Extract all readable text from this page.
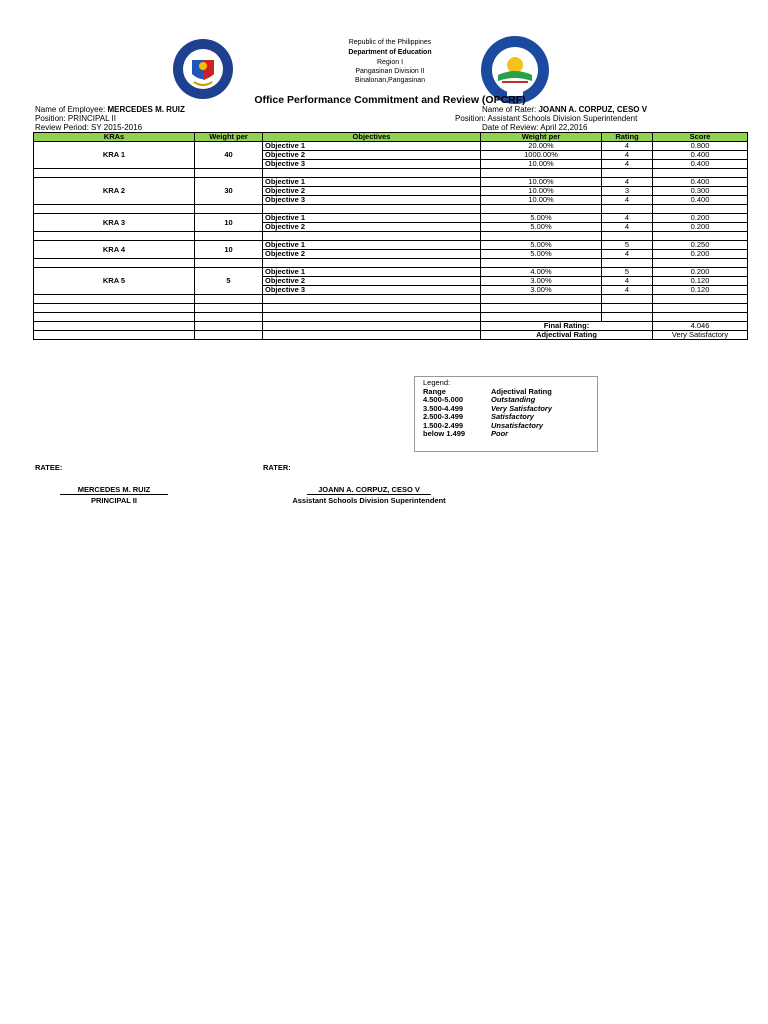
Republic of the Philippines
Department of Education
Region I
Pangasinan Division II
Binalonan,Pangasinan
Office Performance Commitment and Review (OPCRF)
Name of Employee: MERCEDES M. RUIZ
Position: PRINCIPAL II
Review Period: SY 2015-2016
Name of Rater: JOANN A. CORPUZ, CESO V
Position: Assistant Schools Division Superintendent
Date of Review: April 22,2016
KRAs	Weight per	Objectives	Weight per	Rating	Score
KRA 1	40	Objective 1	20.00%	4	0.800
		Objective 2	1000.00%	4	0.400
		Objective 3	10.00%	4	0.400

KRA 2	30	Objective 1	10.00%	4	0.400
		Objective 2	10.00%	3	0.300
		Objective 3	10.00%	4	0.400

KRA 3	10	Objective 1	5.00%	4	0.200
		Objective 2	5.00%	4	0.200

KRA 4	10	Objective 1	5.00%	5	0.250
		Objective 2	5.00%	4	0.200

KRA 5	5	Objective 1	4.00%	5	0.200
		Objective 2	3.00%	4	0.120
		Objective 3	3.00%	4	0.120

			Final Rating:		4.046
			Adjectival Rating		Very Satisfactory
Legend:
Range	Adjectival Rating
4.500-5.000	Outstanding
3.500-4.499	Very Satisfactory
2.500-3.499	Satisfactory
1.500-2.499	Unsatisfactory
below 1.499	Poor
RATEE:	RATER:
MERCEDES M. RUIZ
PRINCIPAL II
JOANN A. CORPUZ, CESO V
Assistant Schools Division Superintendent
